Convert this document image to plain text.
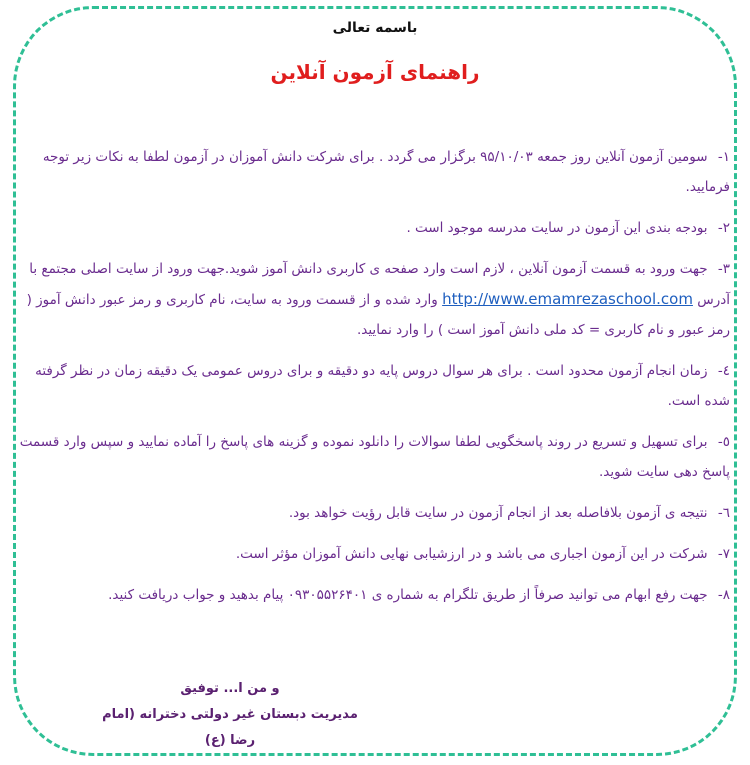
باسمه تعالی
راهنمای آزمون آنلاین
۱- سومین آزمون آنلاین روز جمعه ۹۵/۱۰/۰۳ برگزار می گردد . برای شرکت دانش آموزان در آزمون لطفا به نکات زیر توجه فرمایید.
۲- بودجه بندی این آزمون در سایت مدرسه موجود است .
۳- جهت ورود به قسمت آزمون آنلاین ، لازم است وارد صفحه ی کاربری دانش آموز شوید.جهت ورود از سایت اصلی مجتمع با آدرس http://www.emamrezaschool.com وارد شده و از قسمت ورود به سایت، نام کاربری و رمز عبور دانش آموز ( رمز عبور و نام کاربری = کد ملی دانش آموز است ) را وارد نمایید.
٤- زمان انجام آزمون محدود است . برای هر سوال دروس پایه دو دقیقه و برای دروس عمومی یک دقیقه زمان در نظر گرفته شده است.
٥- برای تسهیل و تسریع در روند پاسخگویی لطفا سوالات را دانلود نموده و گزینه های پاسخ را آماده نمایید و سپس وارد قسمت پاسخ دهی سایت شوید.
٦- نتیجه ی آزمون بلافاصله بعد از انجام آزمون در سایت قابل رؤیت خواهد بود.
۷- شرکت در این آزمون اجباری می باشد و در ارزشیابی نهایی دانش آموزان مؤثر است.
۸- جهت رفع ابهام می توانید صرفاً از طریق تلگرام به شماره ی ۰۹۳۰۵۵۲۶۴۰۱ پیام بدهید و جواب دریافت کنید.
و من ا... توفیق
مدیریت دبستان غیر دولتی دخترانه (امام رضا (ع)
